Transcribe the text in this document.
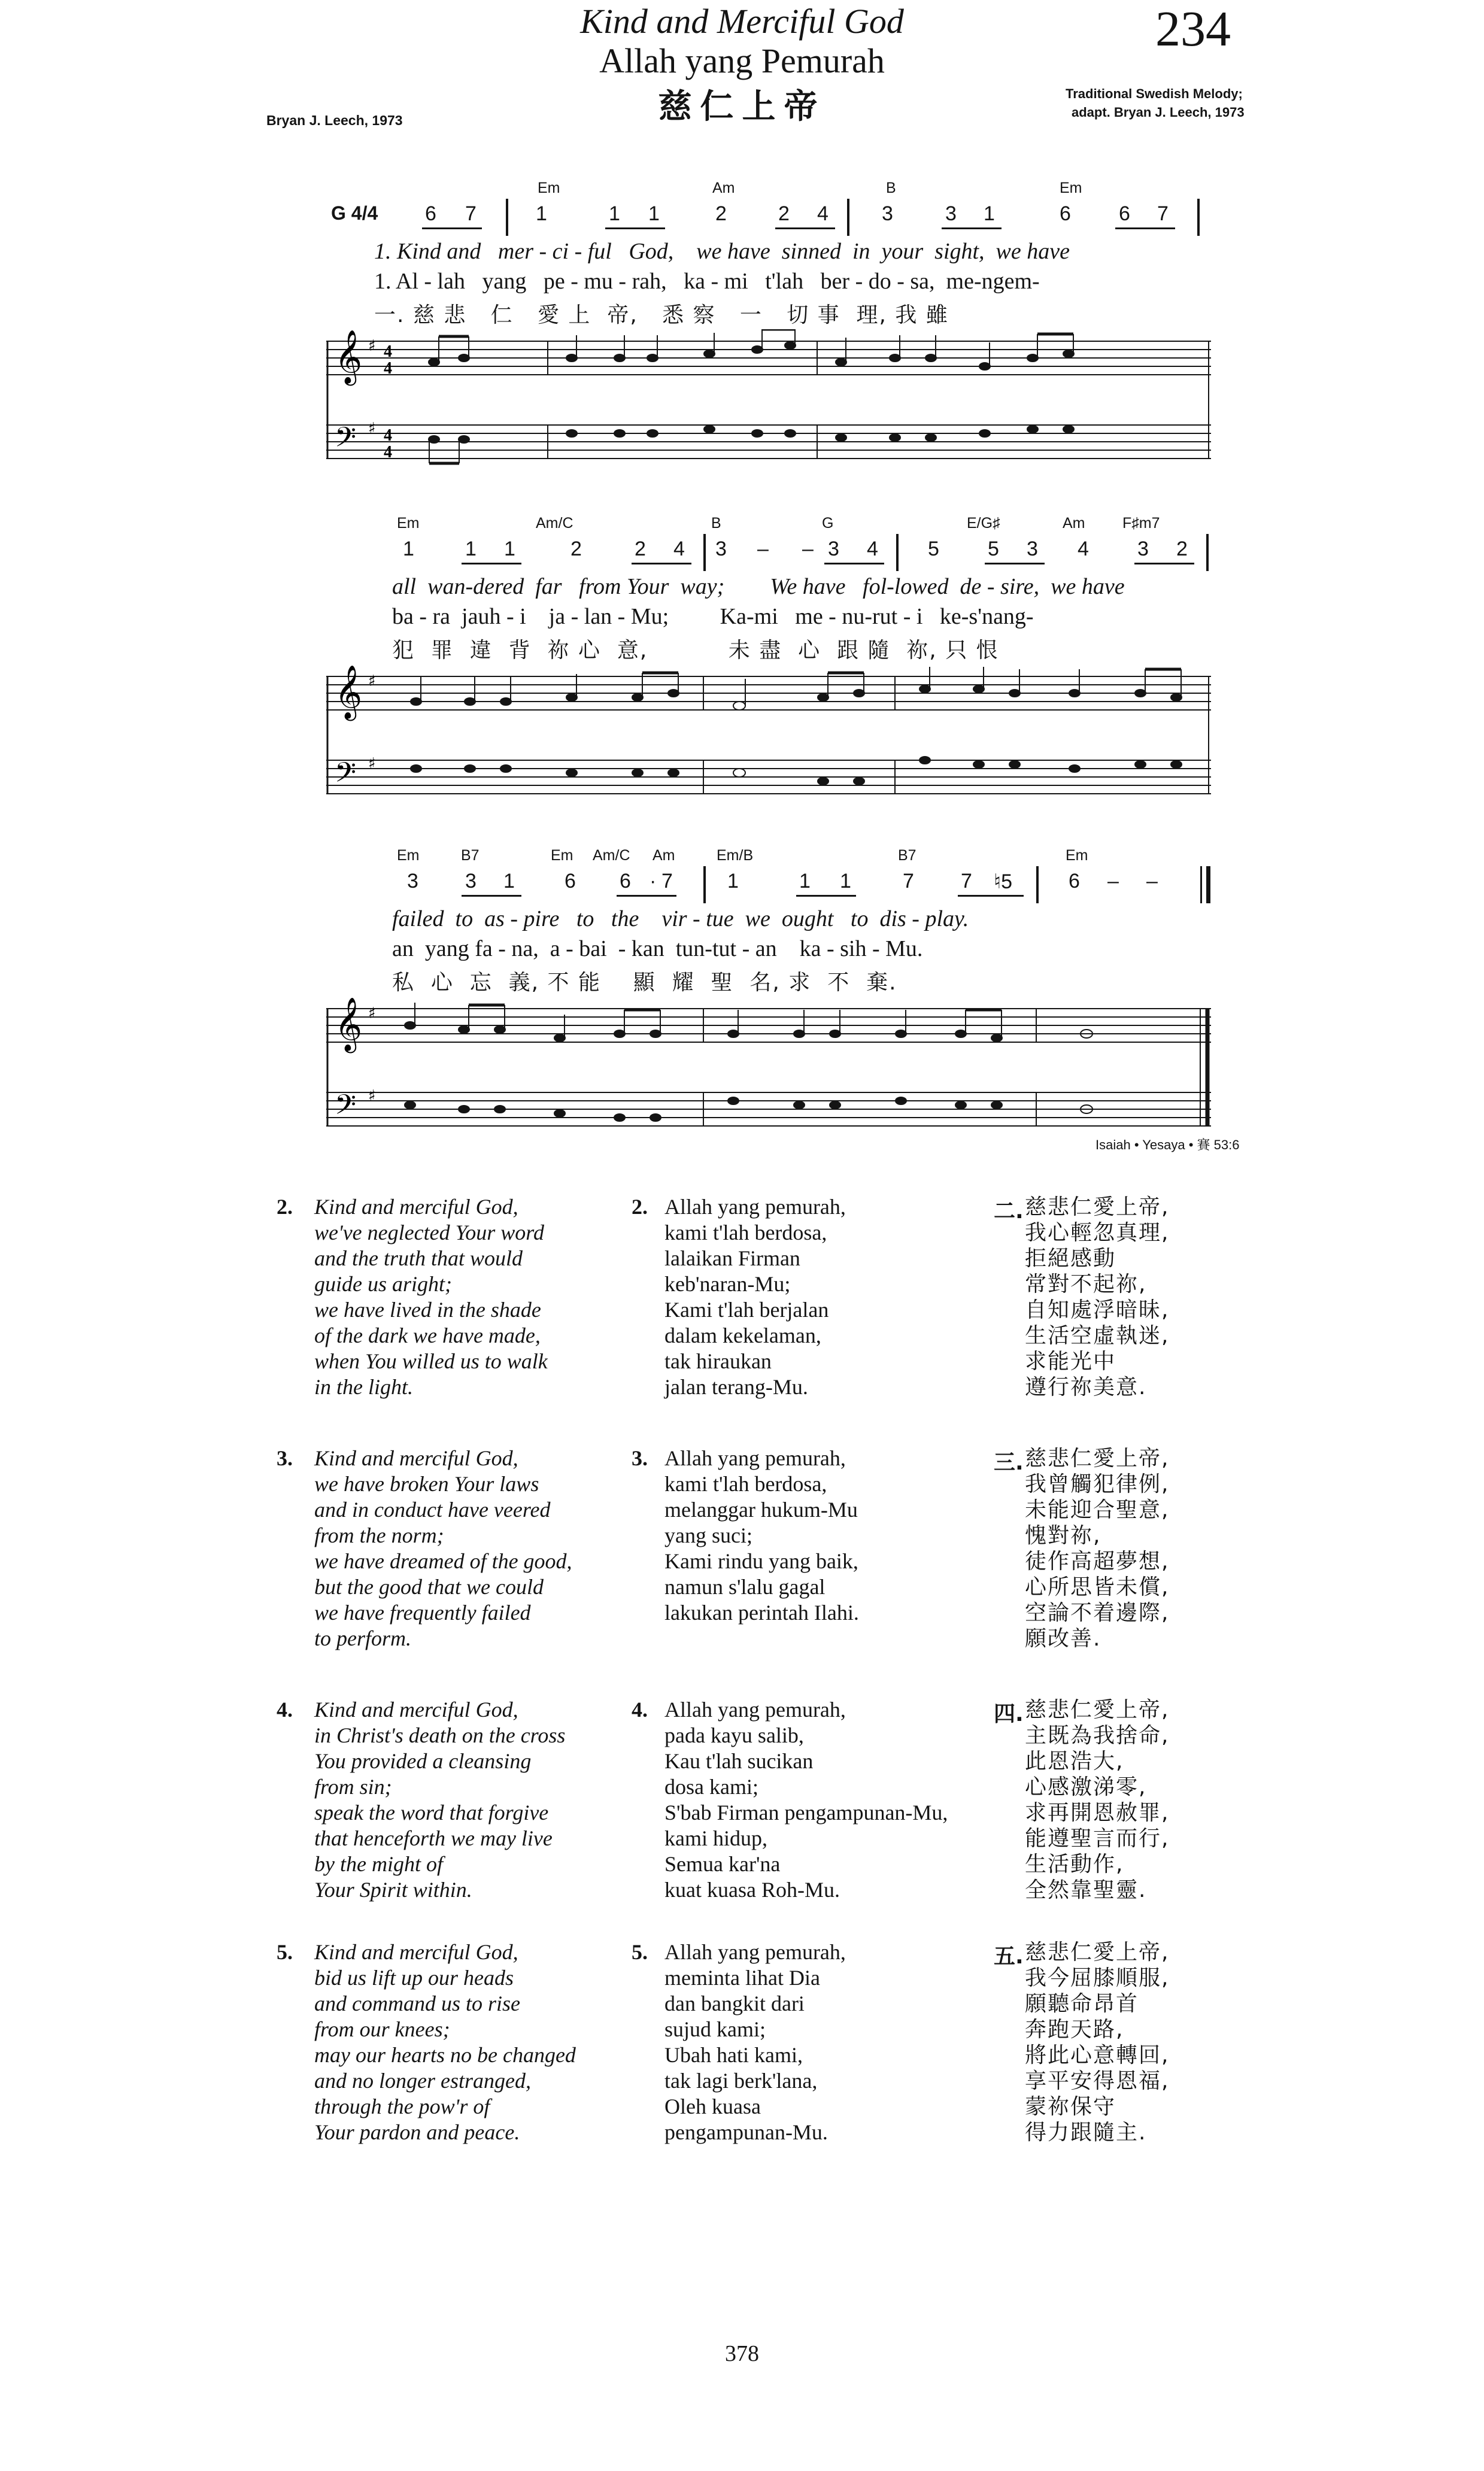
Kind and Merciful God
Allah yang Pemurah
慈仁上帝
234
Bryan J. Leech, 1973
Traditional Swedish Melody;
adapt. Bryan J. Leech, 1973
Em	Am	B	Em
G 4/4 6 7	1	1 1	2	2 4	3	3 1	6 6 7
1. Kind and   mer - ci - ful   God,    we have  sinned  in  your  sight,  we have
1. Al - lah   yang   pe - mu - rah,   ka - mi   t'lah   ber - do - sa,  me-ngem-
一. 慈 悲   仁   愛 上  帝,   悉 察   一   切 事  理, 我 雖
𝄞
𝄢
♯
♯
4
4
4
4
Em	Am/C	B	G	E/G♯	Am	F♯m7
1	1 1	2	2 4 3 – – 3 4 5 5 3 4 3 2
all  wan-dered  far   from Your  way;        We have   fol-lowed  de - sire,  we have
ba - ra  jauh - i    ja - lan - Mu;         Ka-mi   me - nu-rut - i   ke-s'nang-
犯  罪  違  背  祢 心  意,          未 盡  心  跟 隨  祢, 只 恨
𝄞
𝄢
♯
♯
Em	B7	Em Am/C Am	Em/B	B7	Em
3 3 1 6 6 · 7	1	1 1	7 7 ♮5	6 – –
failed  to  as - pire   to   the    vir - tue  we  ought   to  dis - play.
an  yang fa - na,  a - bai  - kan  tun-tut - an    ka - sih - Mu.
私  心  忘  義, 不 能    顯  耀  聖  名, 求  不  棄.
𝄞
𝄢
♯
♯
Isaiah • Yesaya • 賽 53:6
2. Kind and merciful God,
we've neglected Your word
and the truth that would
guide us aright;
we have lived in the shade
of the dark we have made,
when You willed us to walk
in the light.
2. Allah yang pemurah,
kami t'lah berdosa,
lalaikan Firman
keb'naran-Mu;
Kami t'lah berjalan
dalam kekelaman,
tak hiraukan
jalan terang-Mu.
二. 慈悲仁愛上帝,
我心輕忽真理,
拒絕感動
常對不起祢,
自知處浮暗昧,
生活空虛執迷,
求能光中
遵行祢美意.
3. Kind and merciful God,
we have broken Your laws
and in conduct have veered
from the norm;
we have dreamed of the good,
but the good that we could
we have frequently failed
to perform.
3. Allah yang pemurah,
kami t'lah berdosa,
melanggar hukum-Mu
yang suci;
Kami rindu yang baik,
namun s'lalu gagal
lakukan perintah Ilahi.
三. 慈悲仁愛上帝,
我曾觸犯律例,
未能迎合聖意,
愧對祢,
徒作高超夢想,
心所思皆未償,
空論不着邊際,
願改善.
4. Kind and merciful God,
in Christ's death on the cross
You provided a cleansing
from sin;
speak the word that forgive
that henceforth we may live
by the might of
Your Spirit within.
4. Allah yang pemurah,
pada kayu salib,
Kau t'lah sucikan
dosa kami;
S'bab Firman pengampunan-Mu,
kami hidup,
Semua kar'na
kuat kuasa Roh-Mu.
四. 慈悲仁愛上帝,
主既為我捨命,
此恩浩大,
心感激涕零,
求再開恩赦罪,
能遵聖言而行,
生活動作,
全然靠聖靈.
5. Kind and merciful God,
bid us lift up our heads
and command us to rise
from our knees;
may our hearts no be changed
and no longer estranged,
through the pow'r of
Your pardon and peace.
5. Allah yang pemurah,
meminta lihat Dia
dan bangkit dari
sujud kami;
Ubah hati kami,
tak lagi berk'lana,
Oleh kuasa
pengampunan-Mu.
五. 慈悲仁愛上帝,
我今屈膝順服,
願聽命昂首
奔跑天路,
將此心意轉回,
享平安得恩福,
蒙祢保守
得力跟隨主.
378
